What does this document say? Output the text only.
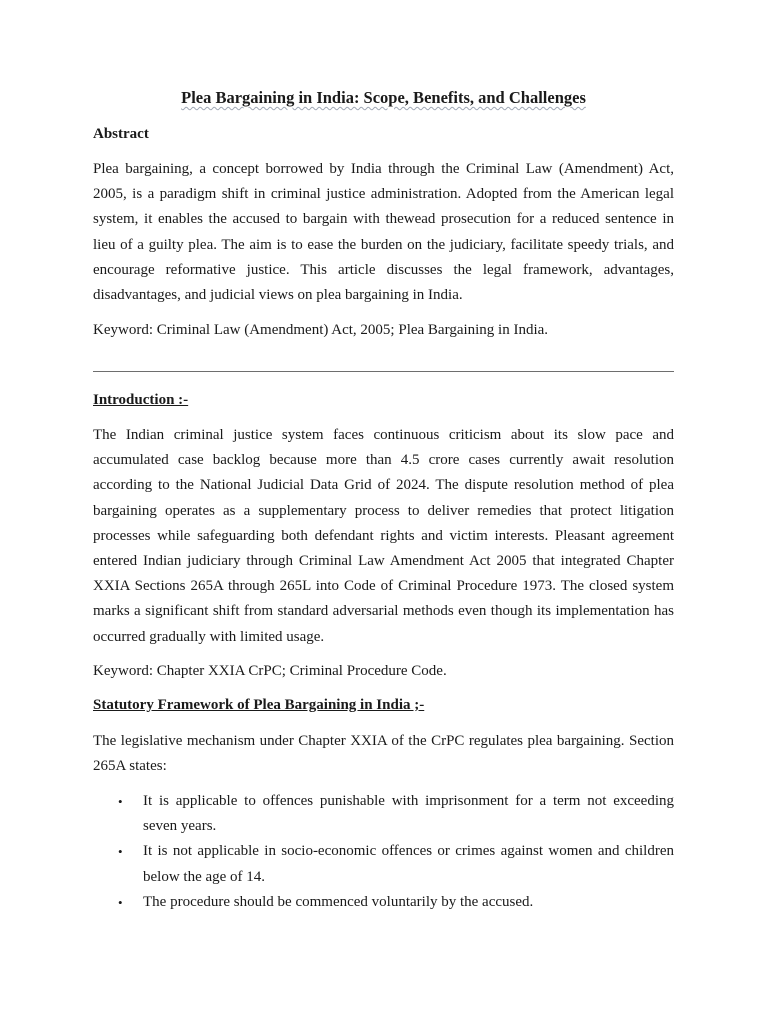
Plea Bargaining in India: Scope, Benefits, and Challenges

Abstract

Plea bargaining, a concept borrowed by India through the Criminal Law (Amendment) Act, 2005, is a paradigm shift in criminal justice administration. Adopted from the American legal system, it enables the accused to bargain with thewead prosecution for a reduced sentence in lieu of a guilty plea. The aim is to ease the burden on the judiciary, facilitate speedy trials, and encourage reformative justice. This article discusses the legal framework, advantages, disadvantages, and judicial views on plea bargaining in India.

Keyword: Criminal Law (Amendment) Act, 2005; Plea Bargaining in India.

Introduction :-

The Indian criminal justice system faces continuous criticism about its slow pace and accumulated case backlog because more than 4.5 crore cases currently await resolution according to the National Judicial Data Grid of 2024. The dispute resolution method of plea bargaining operates as a supplementary process to deliver remedies that protect litigation processes while safeguarding both defendant rights and victim interests. Pleasant agreement entered Indian judiciary through Criminal Law Amendment Act 2005 that integrated Chapter XXIA Sections 265A through 265L into Code of Criminal Procedure 1973. The closed system marks a significant shift from standard adversarial methods even though its implementation has occurred gradually with limited usage.

Keyword: Chapter XXIA CrPC; Criminal Procedure Code.

Statutory Framework of Plea Bargaining in India ;-

The legislative mechanism under Chapter XXIA of the CrPC regulates plea bargaining. Section 265A states:

• It is applicable to offences punishable with imprisonment for a term not exceeding seven years.
• It is not applicable in socio-economic offences or crimes against women and children below the age of 14.
• The procedure should be commenced voluntarily by the accused.
